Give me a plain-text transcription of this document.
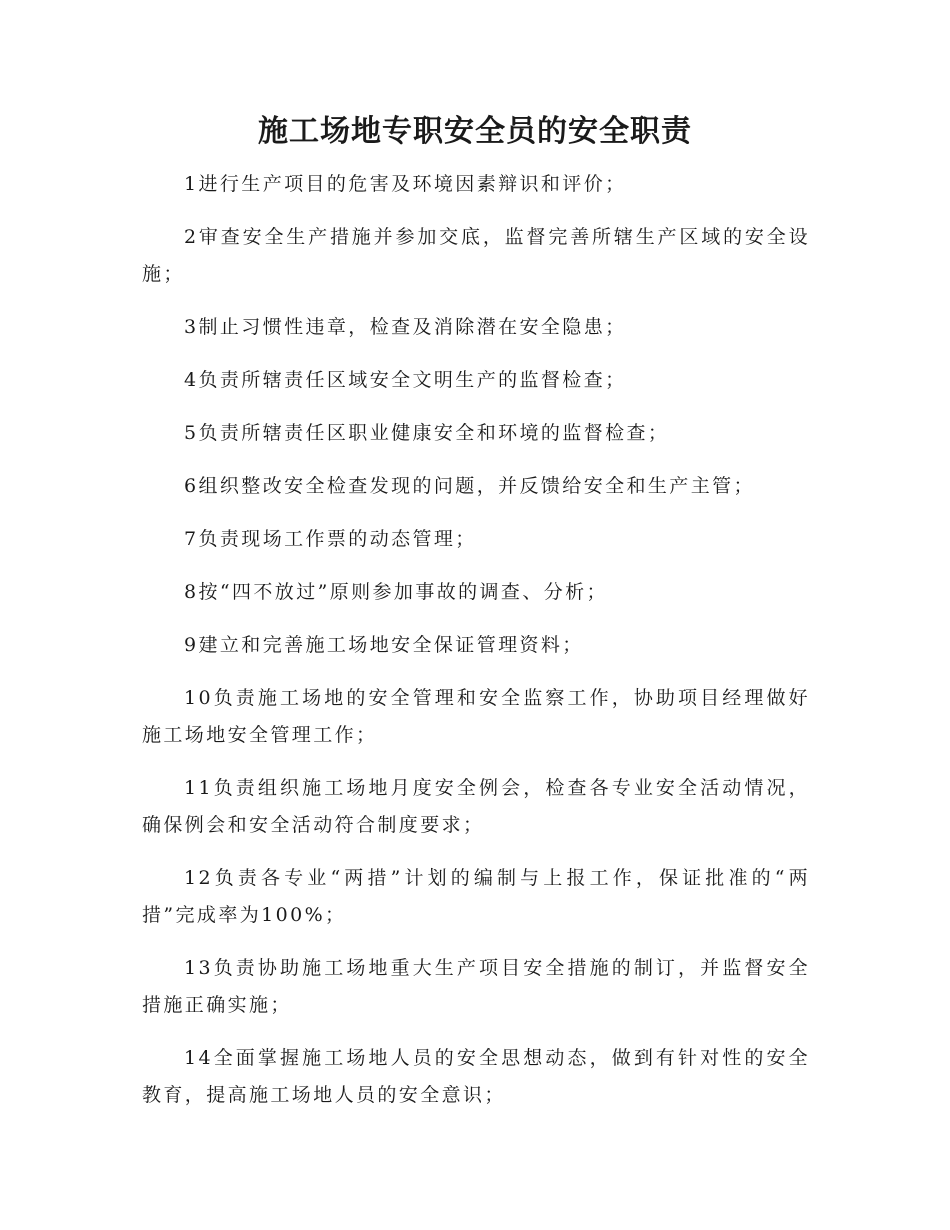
施工场地专职安全员的安全职责

1进行生产项目的危害及环境因素辩识和评价；

2审查安全生产措施并参加交底，监督完善所辖生产区域的安全设施；

3制止习惯性违章，检查及消除潜在安全隐患；

4负责所辖责任区域安全文明生产的监督检查；

5负责所辖责任区职业健康安全和环境的监督检查；

6组织整改安全检查发现的问题，并反馈给安全和生产主管；

7负责现场工作票的动态管理；

8按“四不放过”原则参加事故的调查、分析；

9建立和完善施工场地安全保证管理资料；

10负责施工场地的安全管理和安全监察工作，协助项目经理做好施工场地安全管理工作；

11负责组织施工场地月度安全例会，检查各专业安全活动情况，确保例会和安全活动符合制度要求；

12负责各专业“两措”计划的编制与上报工作，保证批准的“两措”完成率为100%；

13负责协助施工场地重大生产项目安全措施的制订，并监督安全措施正确实施；

14全面掌握施工场地人员的安全思想动态，做到有针对性的安全教育，提高施工场地人员的安全意识；
